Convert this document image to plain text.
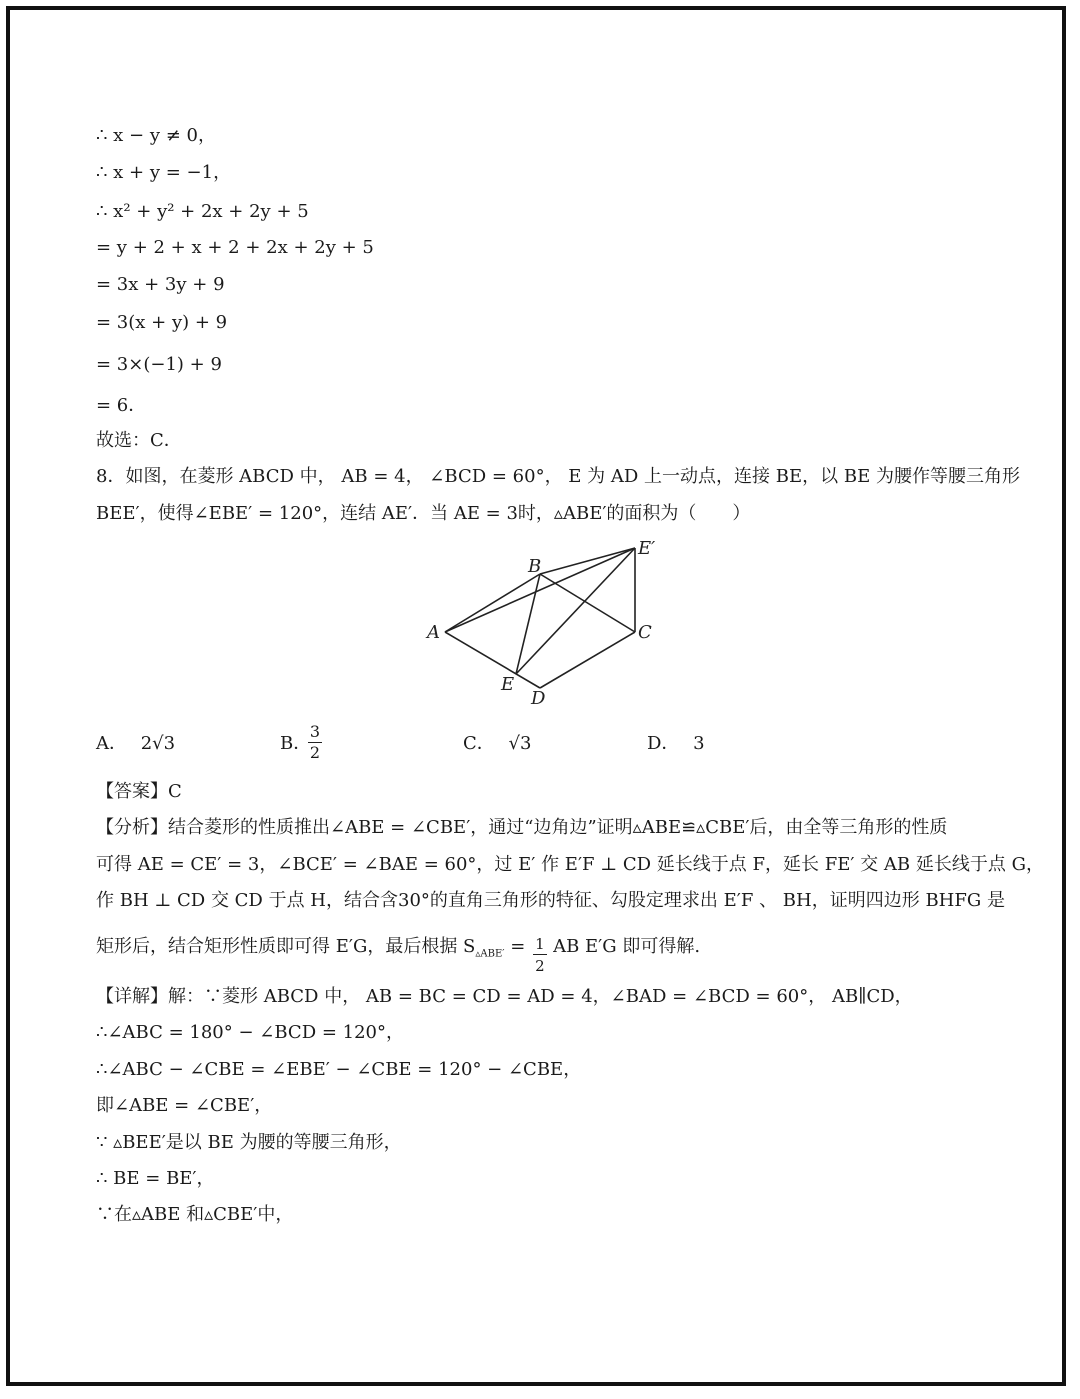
∴ x − y ≠ 0，
∴ x + y = −1，
∴ x² + y² + 2x + 2y + 5
= y + 2 + x + 2 + 2x + 2y + 5
= 3x + 3y + 9
= 3(x + y) + 9
= 3×(−1) + 9
= 6．
故选：C．
8．如图，在菱形 ABCD 中， AB = 4， ∠BCD = 60°， E 为 AD 上一动点，连接 BE，以 BE 为腰作等腰三角形
BEE′，使得∠EBE′ = 120°，连结 AE′．当 AE = 3时，▵ABE′的面积为（　　）
A
B
C
D
E
E′
A． 2√3	B．
3
2	C． √3	D． 3
【答案】C
【分析】结合菱形的性质推出∠ABE = ∠CBE′，通过“边角边”证明▵ABE≌▵CBE′后，由全等三角形的性质
可得 AE = CE′ = 3，∠BCE′ = ∠BAE = 60°，过 E′ 作 E′F ⊥ CD 延长线于点 F，延长 FE′ 交 AB 延长线于点 G，
作 BH ⊥ CD 交 CD 于点 H，结合含30°的直角三角形的特征、勾股定理求出 E′F 、 BH，证明四边形 BHFG 是
矩形后，结合矩形性质即可得 E′G，最后根据 $S_{▵ABE'}$ =
$\frac{1}{2}$
AB E′G 即可得解.
【详解】解：∵菱形 ABCD 中， AB = BC = CD = AD = 4，∠BAD = ∠BCD = 60°， AB∥CD，
∴∠ABC = 180° − ∠BCD = 120°，
∴∠ABC − ∠CBE = ∠EBE′ − ∠CBE = 120° − ∠CBE，
即∠ABE = ∠CBE′，
∵ ▵BEE′是以 BE 为腰的等腰三角形，
∴ BE = BE′，
∵在▵ABE 和▵CBE′中，
